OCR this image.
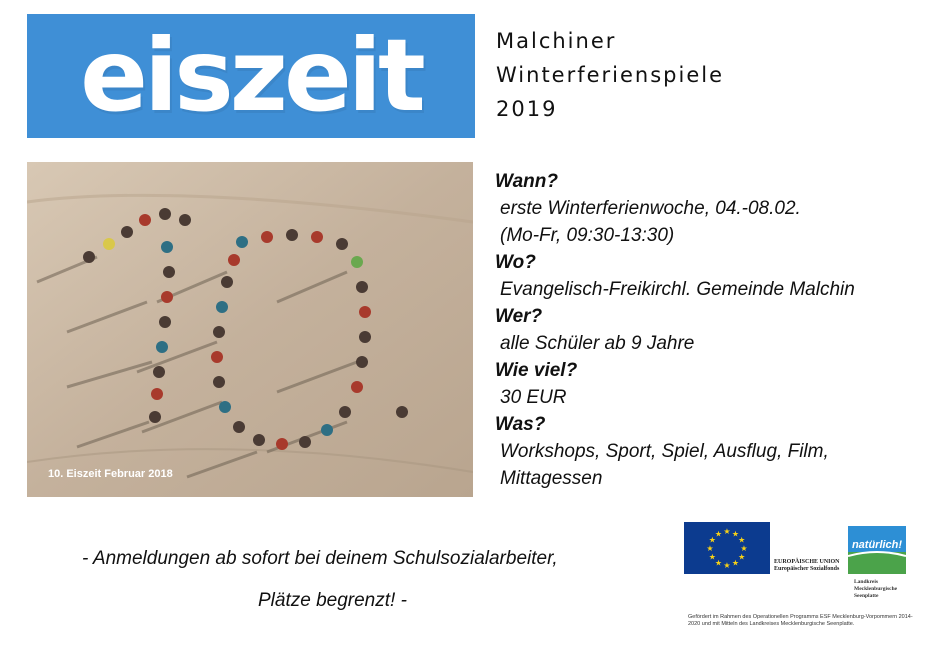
eiszeit	Malchiner
Winterferienspiele
2019
10. Eiszeit Februar 2018
Wann?
erste Winterferienwoche, 04.-08.02.
(Mo-Fr, 09:30-13:30)
Wo?
Evangelisch-Freikirchl. Gemeinde Malchin
Wer?
alle Schüler ab 9 Jahre
Wie viel?
30 EUR
Was?
Workshops, Sport, Spiel, Ausflug, Film,
Mittagessen
- Anmeldungen ab sofort bei deinem Schulsozialarbeiter,
Plätze begrenzt! -
★
★
★
★
★
★
★
★
★ ★ ★
★
EUROPÄISCHE UNION
Europäischer Sozialfonds
natürlich!
Landkreis
Mecklenburgische
Seenplatte
Gefördert im Rahmen des Operationellen Programms ESF Mecklenburg-Vorpommern 2014-
2020 und mit Mitteln des Landkreises Mecklenburgische Seenplatte.
